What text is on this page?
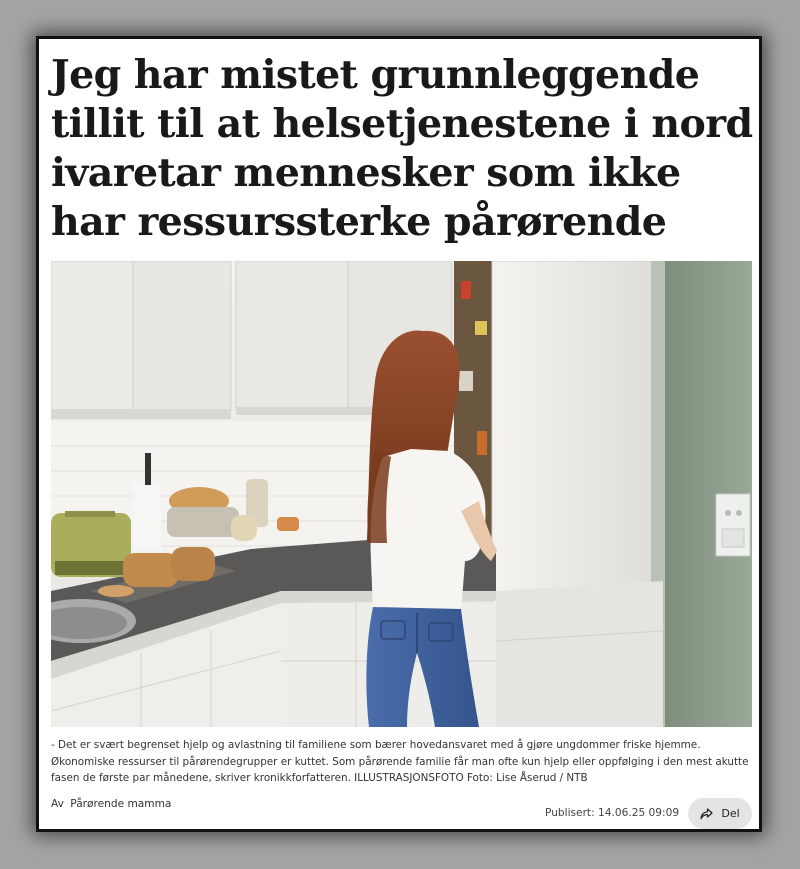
Jeg har mistet grunnleggende tillit til at helsetjenestene i nord ivaretar mennesker som ikke har ressurssterke pårørende

- Det er svært begrenset hjelp og avlastning til familiene som bærer hovedansvaret med å gjøre ungdommer friske hjemme. Økonomiske ressurser til pårørendegrupper er kuttet. Som pårørende familie får man ofte kun hjelp eller oppfølging i den mest akutte fasen de første par månedene, skriver kronikkforfatteren. ILLUSTRASJONSFOTO Foto: Lise Åserud / NTB

Av Pårørende mamma
Publisert: 14.06.25 09:09	Del
